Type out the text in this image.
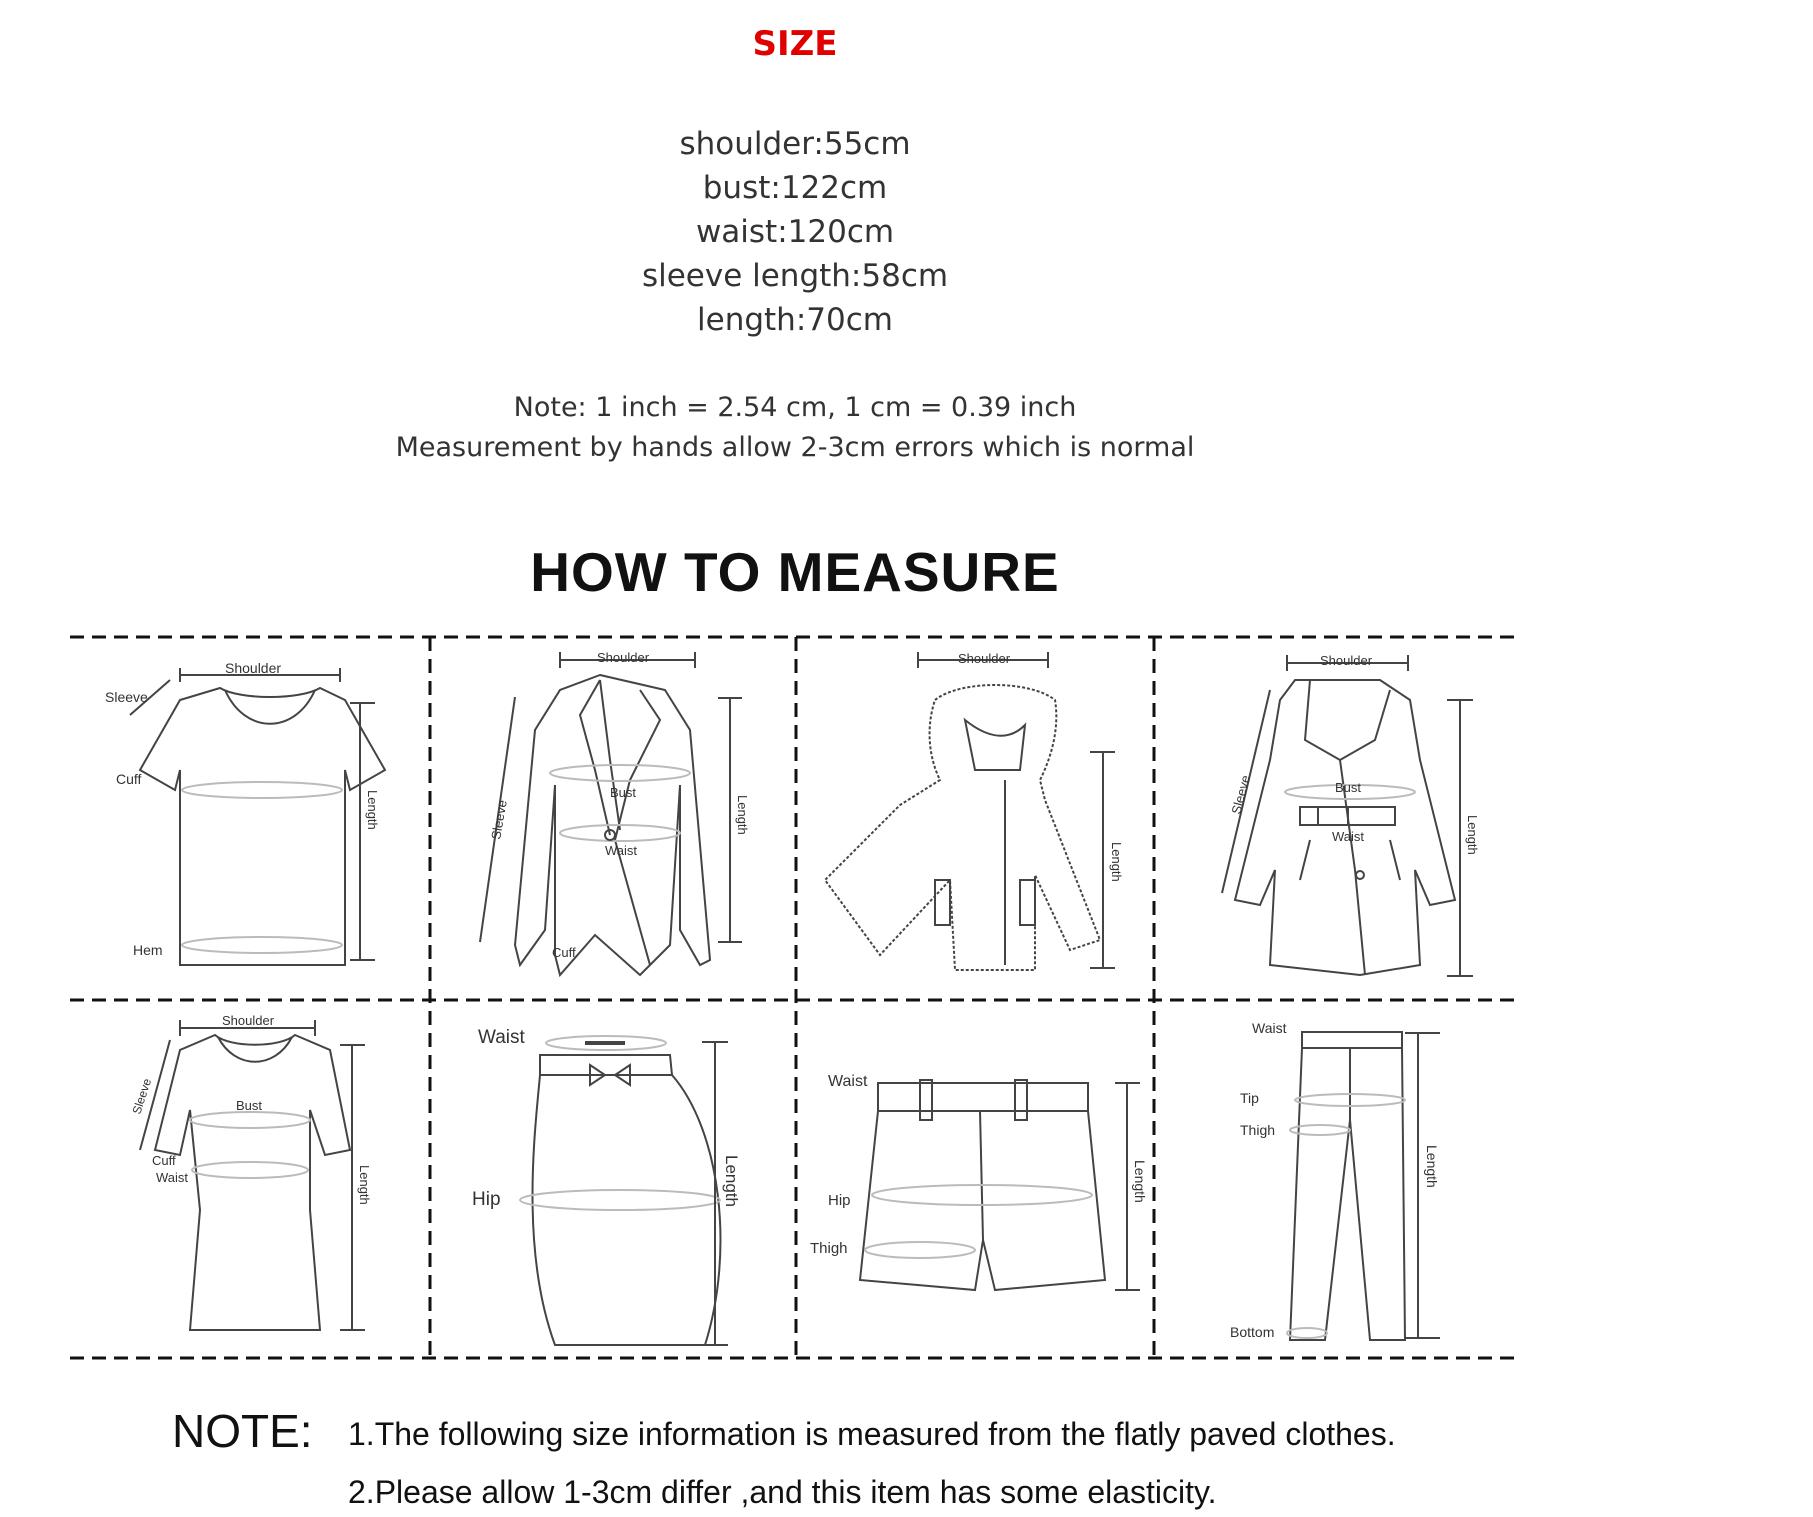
SIZE
shoulder:55cm
bust:122cm
waist:120cm
sleeve length:58cm
length:70cm
Note: 1 inch = 2.54 cm, 1 cm = 0.39 inch
Measurement by hands allow 2-3cm errors which is normal
HOW TO MEASURE
Shoulder
Sleeve
Cuff
Hem
Length
Shoulder
Bust
Waist
Cuff
Sleeve	Length
Shoulder
Length
Shoulder
Bust
Waist
Sleeve
Length
Shoulder
Bust
Cuff
Waist
Sleeve
Length
Waist
Hip	Length
Waist
Hip
Thigh
Length
Waist
Tip
Thigh
Bottom
Length
NOTE: 1.The following size information is measured from the flatly paved clothes.
2.Please allow 1-3cm differ ,and this item has some elasticity.
